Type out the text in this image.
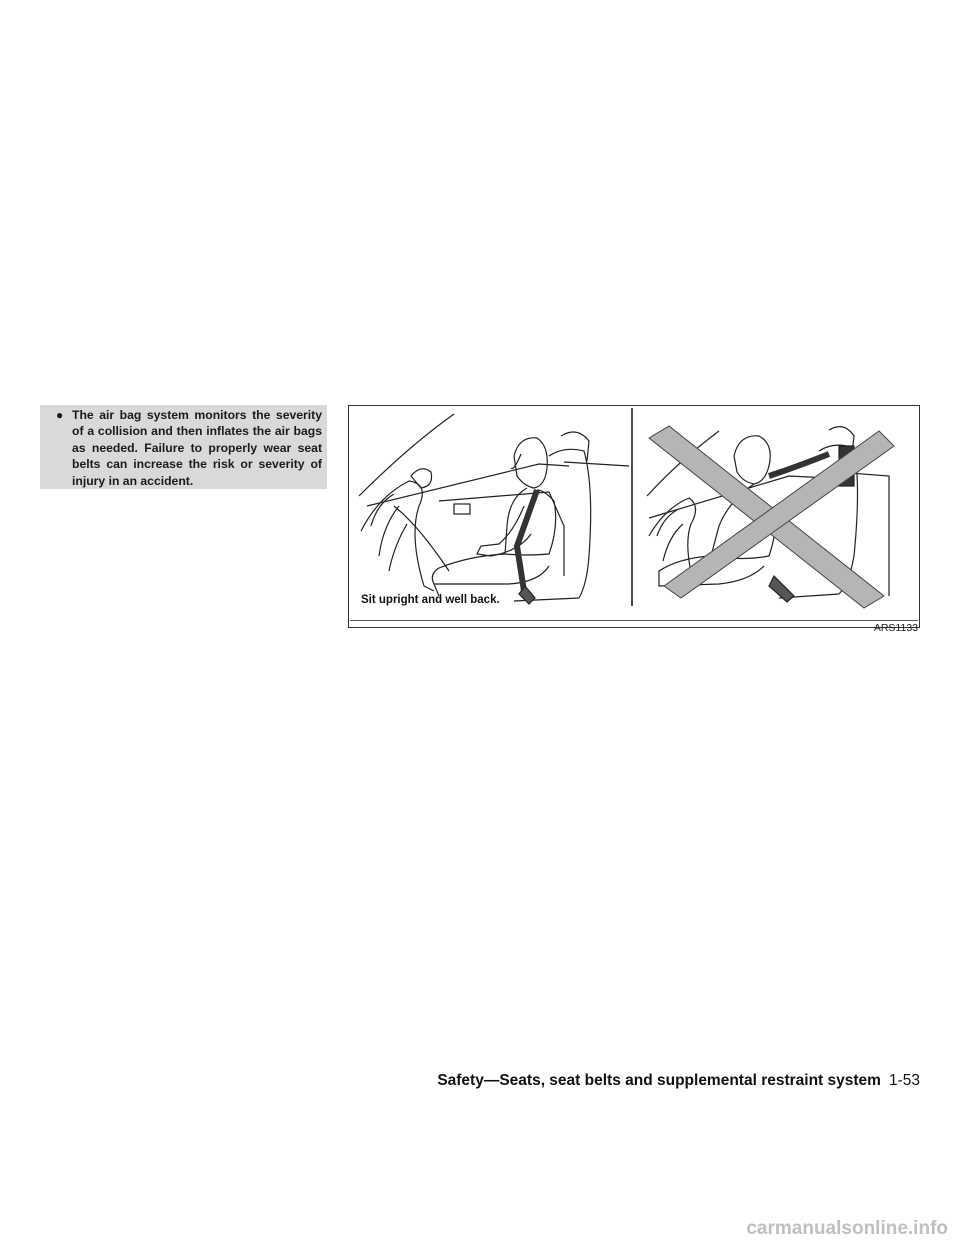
● The air bag system monitors the severity of a collision and then inflates the air bags as needed. Failure to properly wear seat belts can increase the risk or severity of injury in an accident.

Sit upright and well back.
ARS1133
Safety—Seats, seat belts and supplemental restraint system 1-53
carmanualsonline.info
